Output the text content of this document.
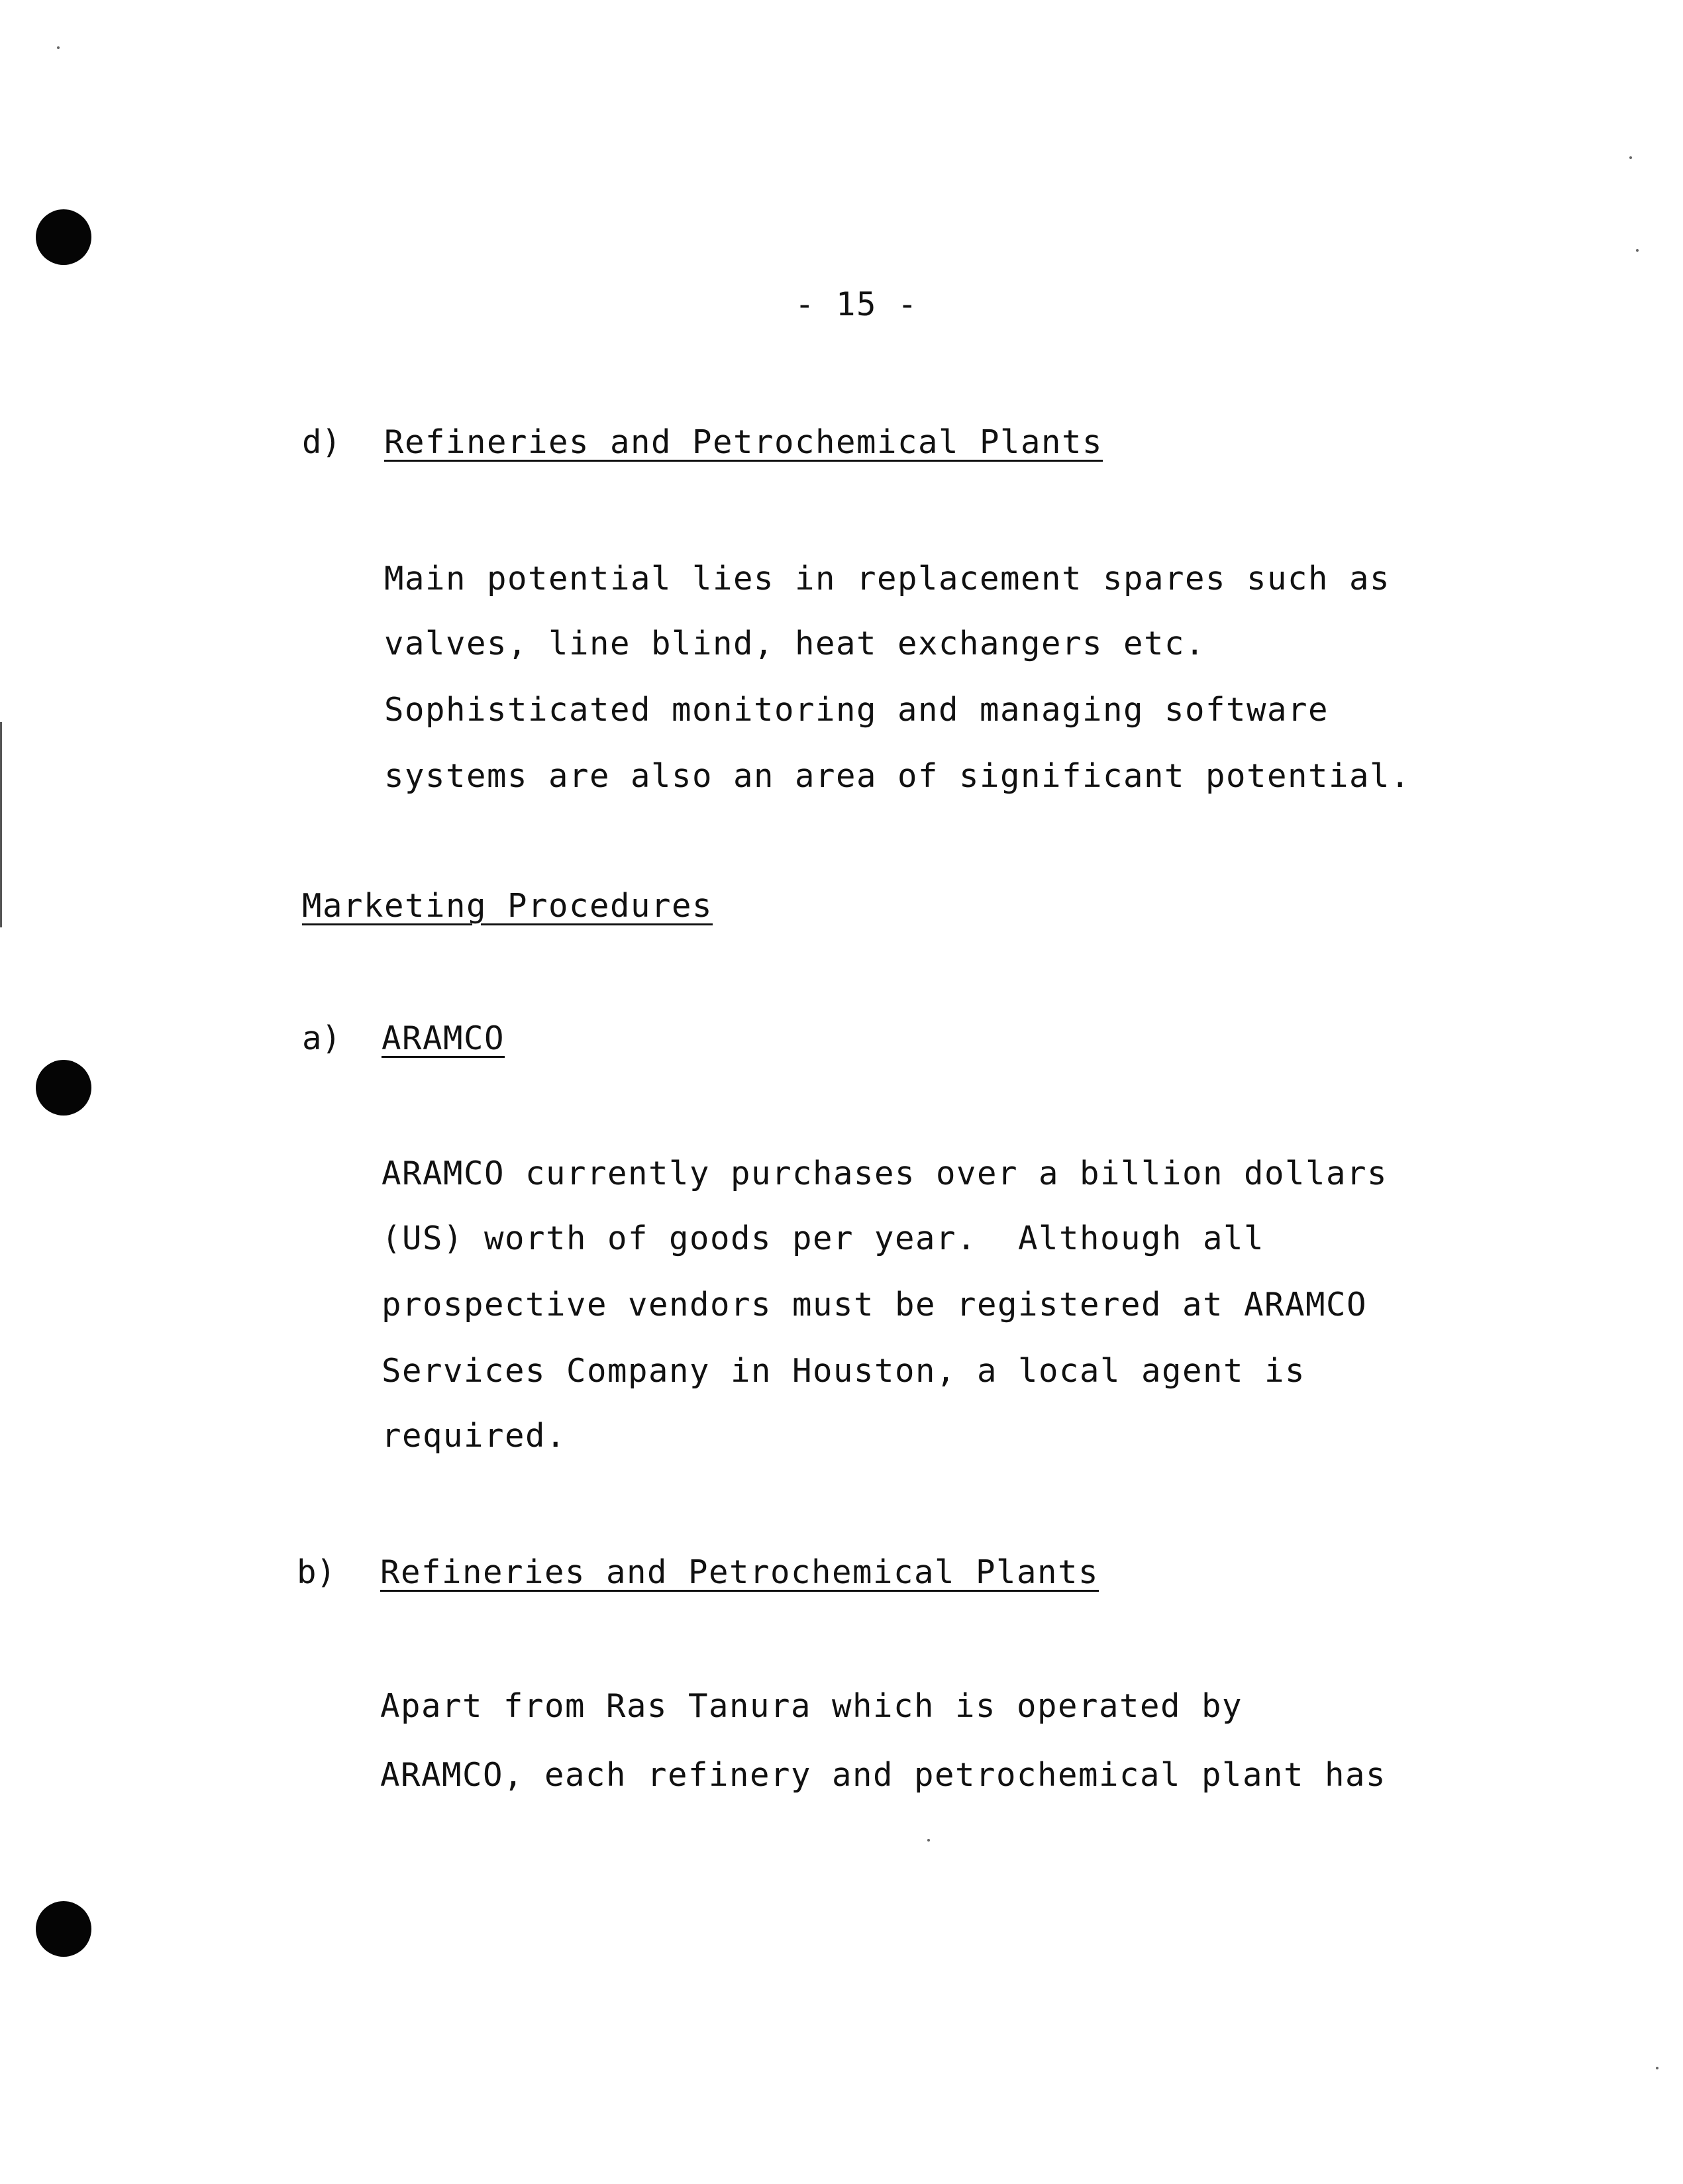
- 15 -
d) Refineries and Petrochemical Plants
Main potential lies in replacement spares such as
valves, line blind, heat exchangers etc.
Sophisticated monitoring and managing software
systems are also an area of significant potential.
Marketing Procedures
a) ARAMCO
ARAMCO currently purchases over a billion dollars
(US) worth of goods per year.  Although all
prospective vendors must be registered at ARAMCO
Services Company in Houston, a local agent is
required.
b) Refineries and Petrochemical Plants
Apart from Ras Tanura which is operated by
ARAMCO, each refinery and petrochemical plant has
